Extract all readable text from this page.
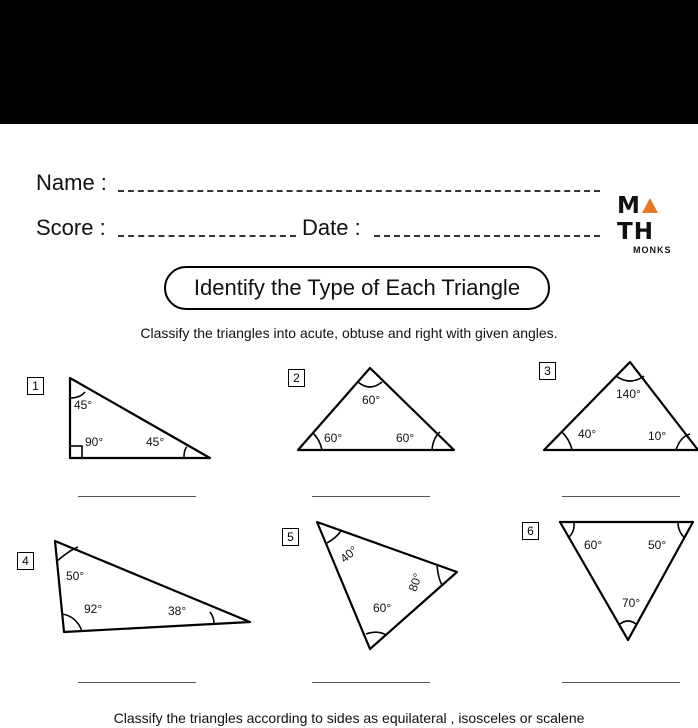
Name :
Score :	Date :
MTH
MONKS
Identify the Type of Each Triangle
Classify the triangles into acute, obtuse and right with given angles.
1
2	3
4
5	6
45°
90°	45°
60°
60°	60°
140°
40°	10°
50°
92°	38°
40°
80°
60°
60°	50°
70°
Classify the triangles according to sides as equilateral , isosceles or scalene
